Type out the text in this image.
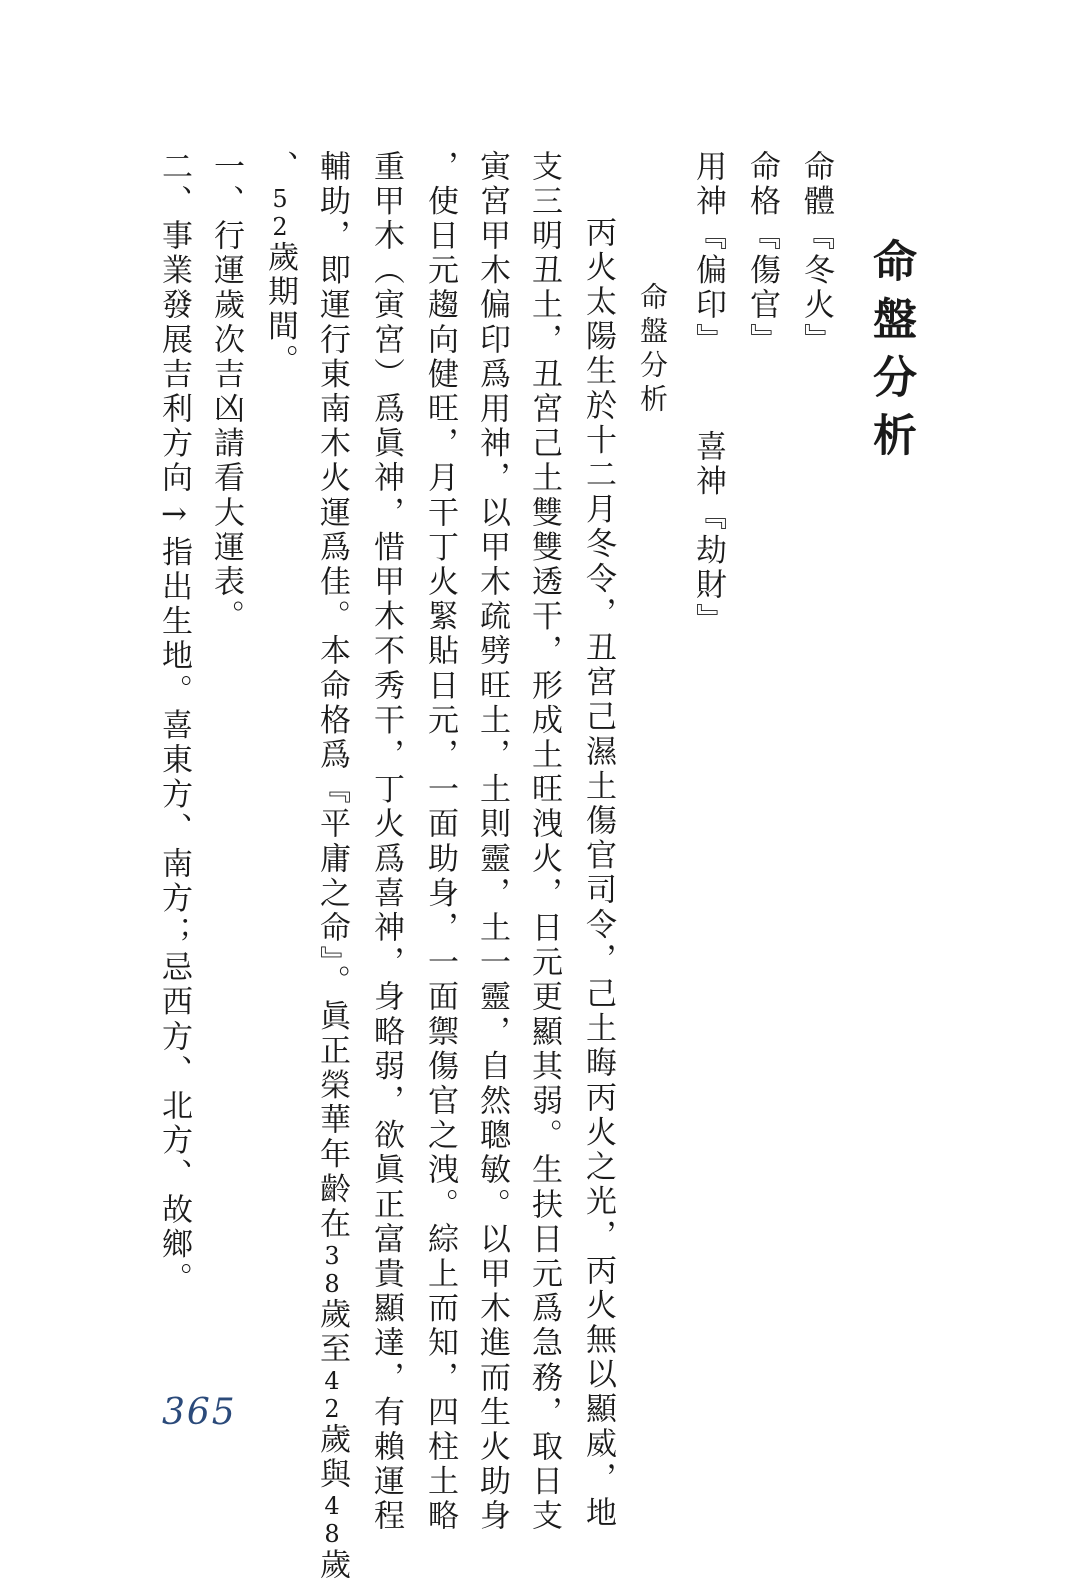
命盤分析
命體『冬火』
命格『傷官』
用神『偏印』
喜神『劫財』
命盤分析
丙火太陽生於十二月冬令，丑宮己濕土傷官司令，己土晦丙火之光，丙火無以顯威，地
支三明丑土，丑宮己土雙雙透干，形成土旺洩火，日元更顯其弱。生扶日元爲急務，取日支
寅宮甲木偏印爲用神，以甲木疏劈旺土，土則靈，土一靈，自然聰敏。以甲木進而生火助身
，使日元趨向健旺，月干丁火緊貼日元，一面助身，一面禦傷官之洩。綜上而知，四柱土略
重甲木（寅宮）爲眞神，惜甲木不秀干，丁火爲喜神，身略弱，欲眞正富貴顯達，有賴運程
輔助，即運行東南木火運爲佳。本命格爲『平庸之命』。眞正榮華年齡在38歲至42歲與48歲
、52歲期間。
一、行運歲次吉凶請看大運表。
二、事業發展吉利方向→指出生地。喜東方、南方；忌西方、北方、故鄉。
365
